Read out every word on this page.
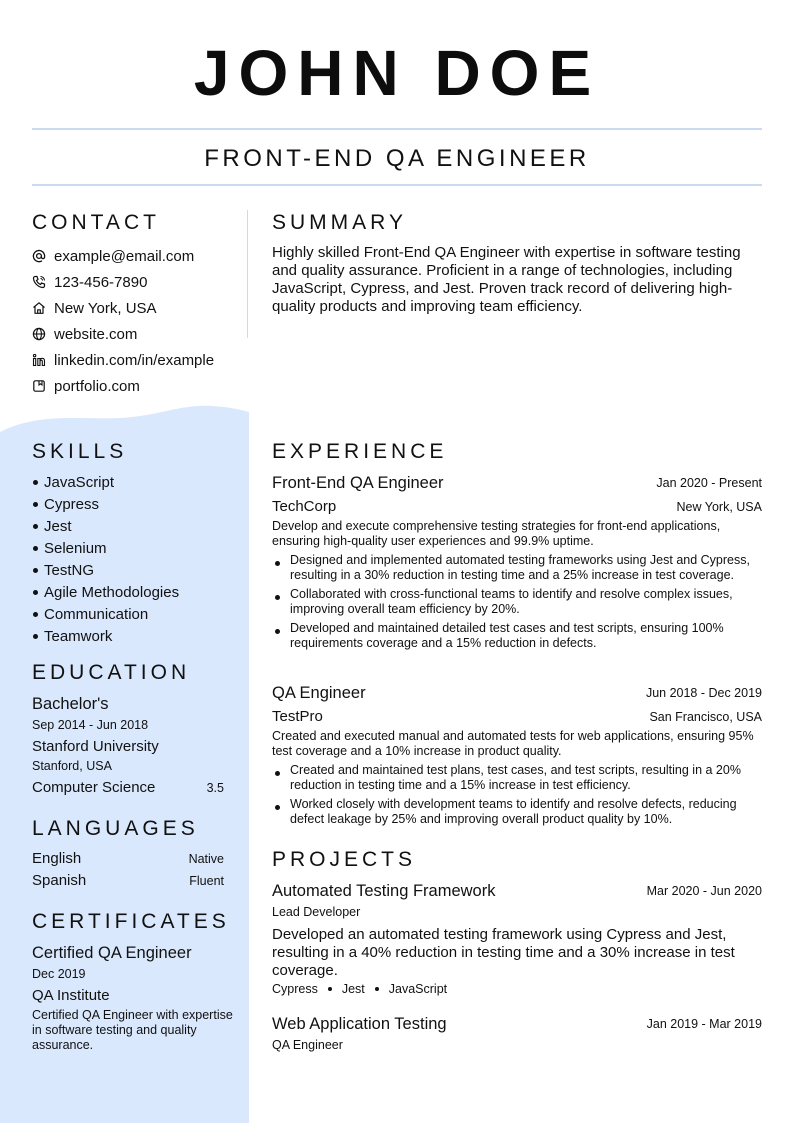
JOHN DOE
FRONT-END QA ENGINEER
CONTACT
example@email.com
123-456-7890
New York, USA
website.com
linkedin.com/in/example
portfolio.com
SKILLS
JavaScript
Cypress
Jest
Selenium
TestNG
Agile Methodologies
Communication
Teamwork
EDUCATION
Bachelor's
Sep 2014 - Jun 2018
Stanford University
Stanford, USA
Computer Science	3.5
LANGUAGES
English	Native
Spanish	Fluent
CERTIFICATES
Certified QA Engineer
Dec 2019
QA Institute
Certified QA Engineer with expertise in software testing and quality assurance.
SUMMARY
Highly skilled Front-End QA Engineer with expertise in software testing and quality assurance. Proficient in a range of technologies, including JavaScript, Cypress, and Jest. Proven track record of delivering high-quality products and improving team efficiency.
EXPERIENCE
Front-End QA Engineer	Jan 2020 - Present
TechCorp	New York, USA
Develop and execute comprehensive testing strategies for front-end applications, ensuring high-quality user experiences and 99.9% uptime.
Designed and implemented automated testing frameworks using Jest and Cypress, resulting in a 30% reduction in testing time and a 25% increase in test coverage.
Collaborated with cross-functional teams to identify and resolve complex issues, improving overall team efficiency by 20%.
Developed and maintained detailed test cases and test scripts, ensuring 100% requirements coverage and a 15% reduction in defects.
QA Engineer	Jun 2018 - Dec 2019
TestPro	San Francisco, USA
Created and executed manual and automated tests for web applications, ensuring 95% test coverage and a 10% increase in product quality.
Created and maintained test plans, test cases, and test scripts, resulting in a 20% reduction in testing time and a 15% increase in test efficiency.
Worked closely with development teams to identify and resolve defects, reducing defect leakage by 25% and improving overall product quality by 10%.
PROJECTS
Automated Testing Framework	Mar 2020 - Jun 2020
Lead Developer
Developed an automated testing framework using Cypress and Jest, resulting in a 40% reduction in testing time and a 30% increase in test coverage.
Cypress Jest JavaScript
Web Application Testing	Jan 2019 - Mar 2019
QA Engineer
